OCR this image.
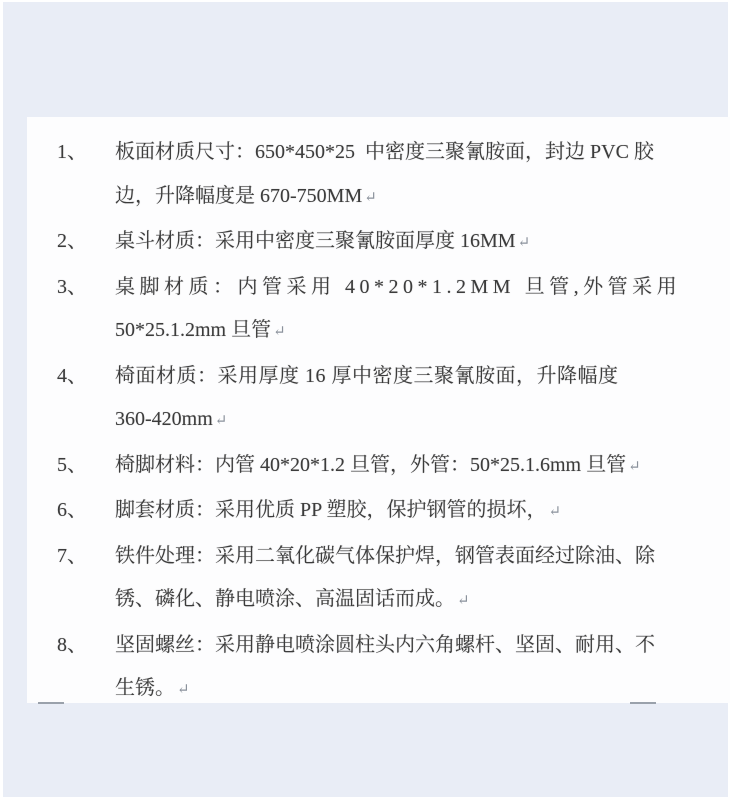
1、	板面材质尺寸：650*450*25  中密度三聚氰胺面，封边 PVC 胶
边，升降幅度是 670-750MM ↵
2、	桌斗材质：采用中密度三聚氰胺面厚度 16MM ↵
3、	桌脚材质：内管采用 40*20*1.2MM 旦管,外管采用
50*25.1.2mm 旦管 ↵
4、	椅面材质：采用厚度 16 厚中密度三聚氰胺面，升降幅度
360-420mm ↵
5、	椅脚材料：内管 40*20*1.2 旦管，外管：50*25.1.6mm 旦管 ↵
6、	脚套材质：采用优质 PP 塑胶，保护钢管的损坏， ↵
7、	铁件处理：采用二氧化碳气体保护焊，钢管表面经过除油、除
锈、磷化、静电喷涂、高温固话而成。 ↵
8、	坚固螺丝：采用静电喷涂圆柱头内六角螺杆、坚固、耐用、不
生锈。 ↵
